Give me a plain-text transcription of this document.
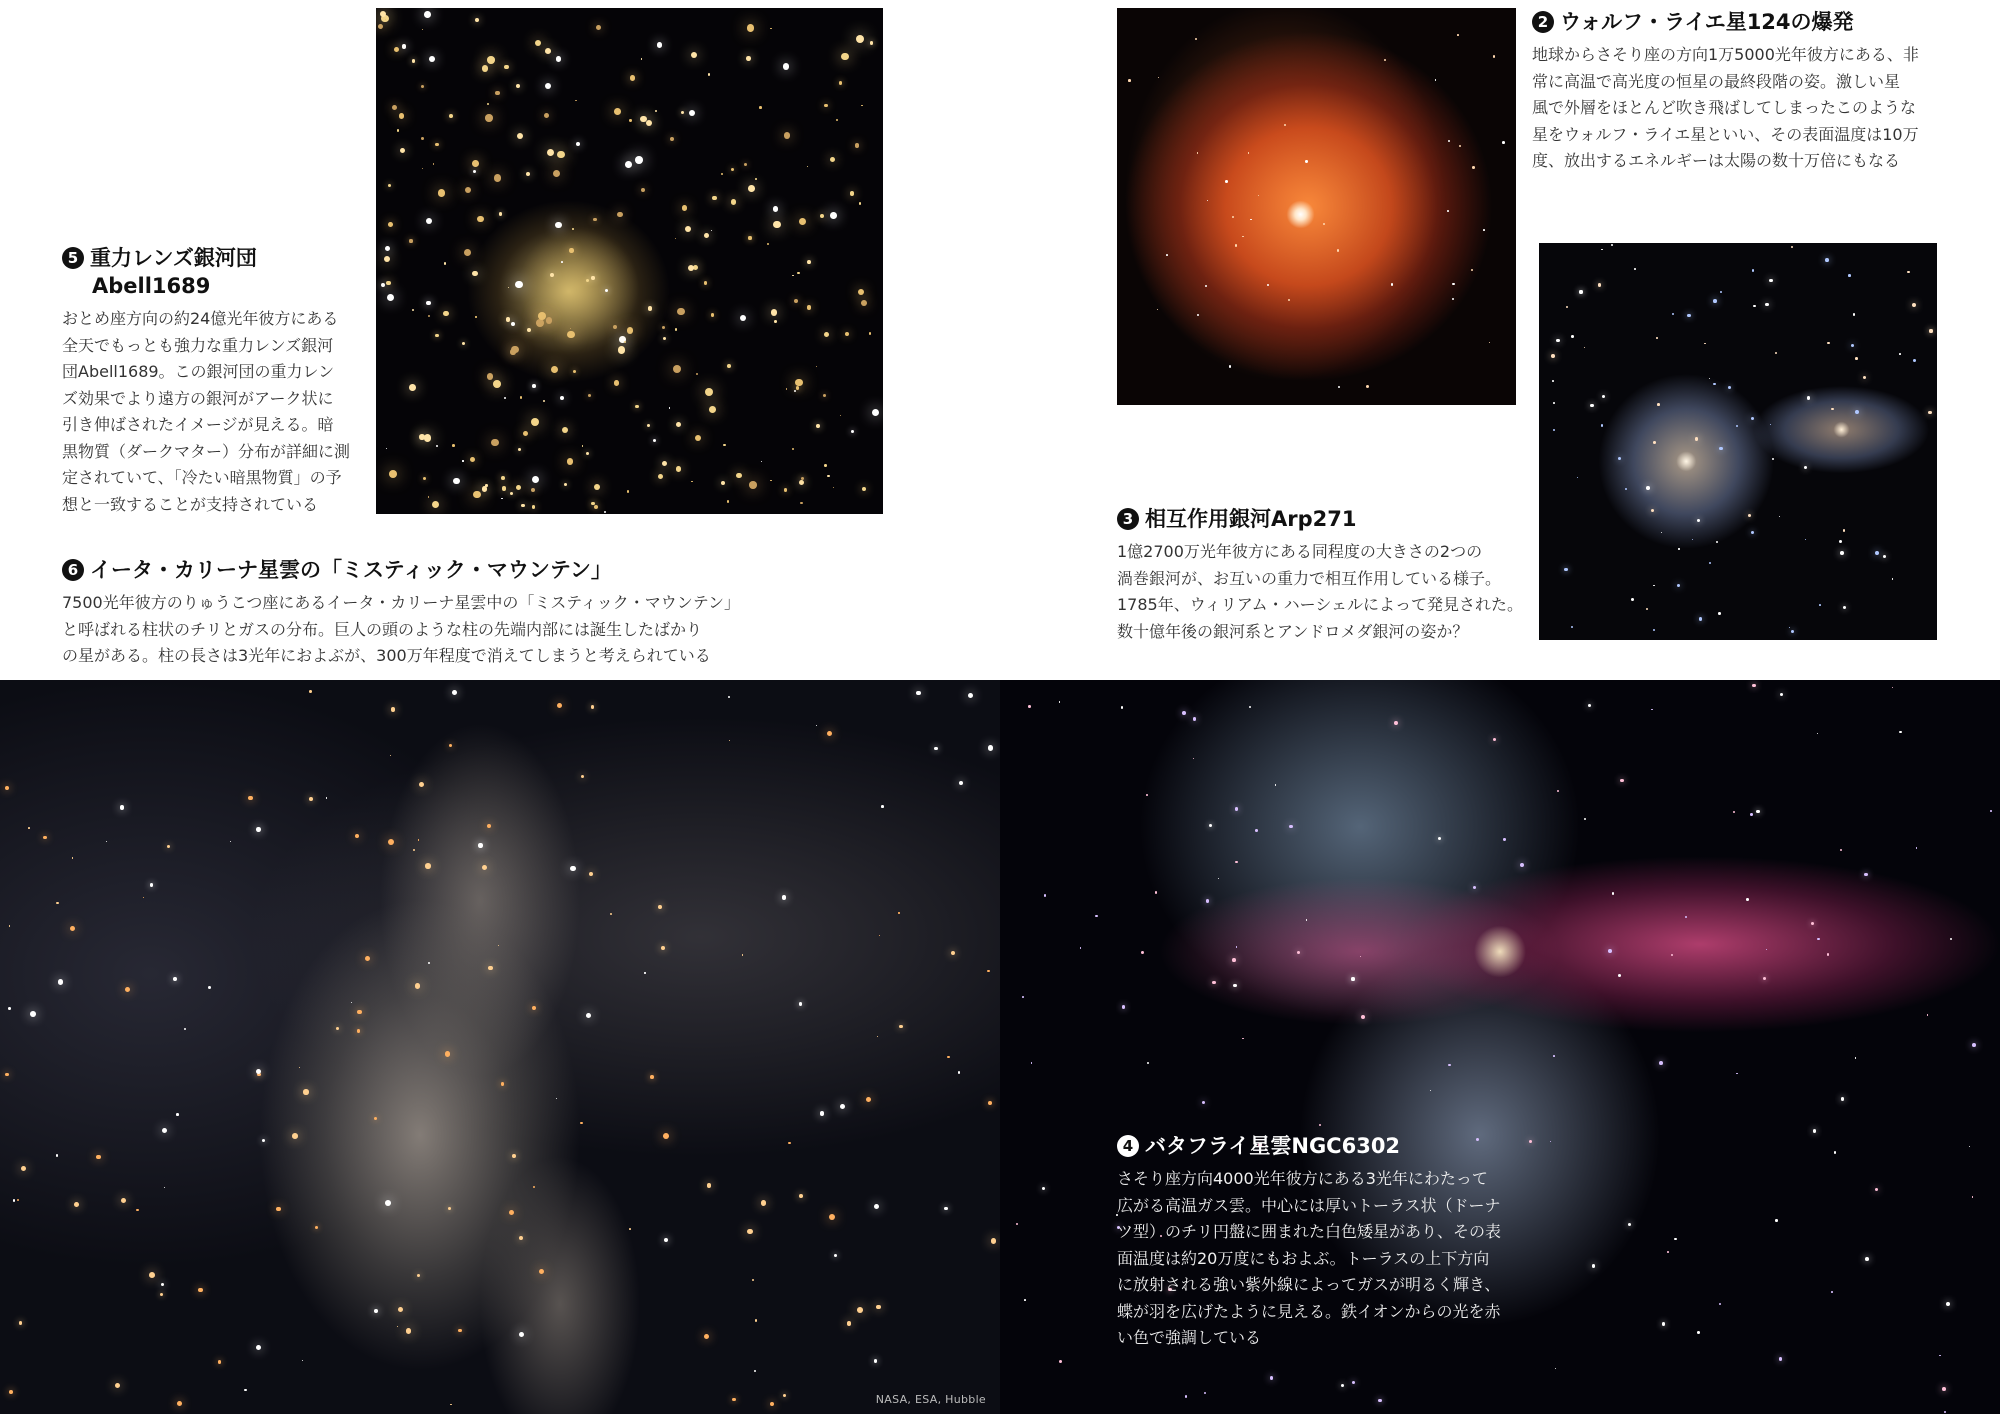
NASA, ESA, Hubble

5 重力レンズ銀河団

Abell1689

おとめ座方向の約24億光年彼方にある
全天でもっとも強力な重力レンズ銀河
団Abell1689。この銀河団の重力レン
ズ効果でより遠方の銀河がアーク状に
引き伸ばされたイメージが見える。暗
黒物質（ダークマター）分布が詳細に測
定されていて、「冷たい暗黒物質」の予
想と一致することが支持されている

2 ウォルフ・ライエ星124の爆発

地球からさそり座の方向1万5000光年彼方にある、非
常に高温で高光度の恒星の最終段階の姿。激しい星
風で外層をほとんど吹き飛ばしてしまったこのような
星をウォルフ・ライエ星といい、その表面温度は10万
度、放出するエネルギーは太陽の数十万倍にもなる

3 相互作用銀河Arp271

1億2700万光年彼方にある同程度の大きさの2つの
渦巻銀河が、お互いの重力で相互作用している様子。
1785年、ウィリアム・ハーシェルによって発見された。
数十億年後の銀河系とアンドロメダ銀河の姿か？

6 イータ・カリーナ星雲の「ミスティック・マウンテン」

7500光年彼方のりゅうこつ座にあるイータ・カリーナ星雲中の「ミスティック・マウンテン」
と呼ばれる柱状のチリとガスの分布。巨人の頭のような柱の先端内部には誕生したばかり
の星がある。柱の長さは3光年におよぶが、300万年程度で消えてしまうと考えられている

4 バタフライ星雲NGC6302

さそり座方向4000光年彼方にある3光年にわたって
広がる高温ガス雲。中心には厚いトーラス状（ドーナ
ツ型）のチリ円盤に囲まれた白色矮星があり、その表
面温度は約20万度にもおよぶ。トーラスの上下方向
に放射される強い紫外線によってガスが明るく輝き、
蝶が羽を広げたように見える。鉄イオンからの光を赤
い色で強調している
